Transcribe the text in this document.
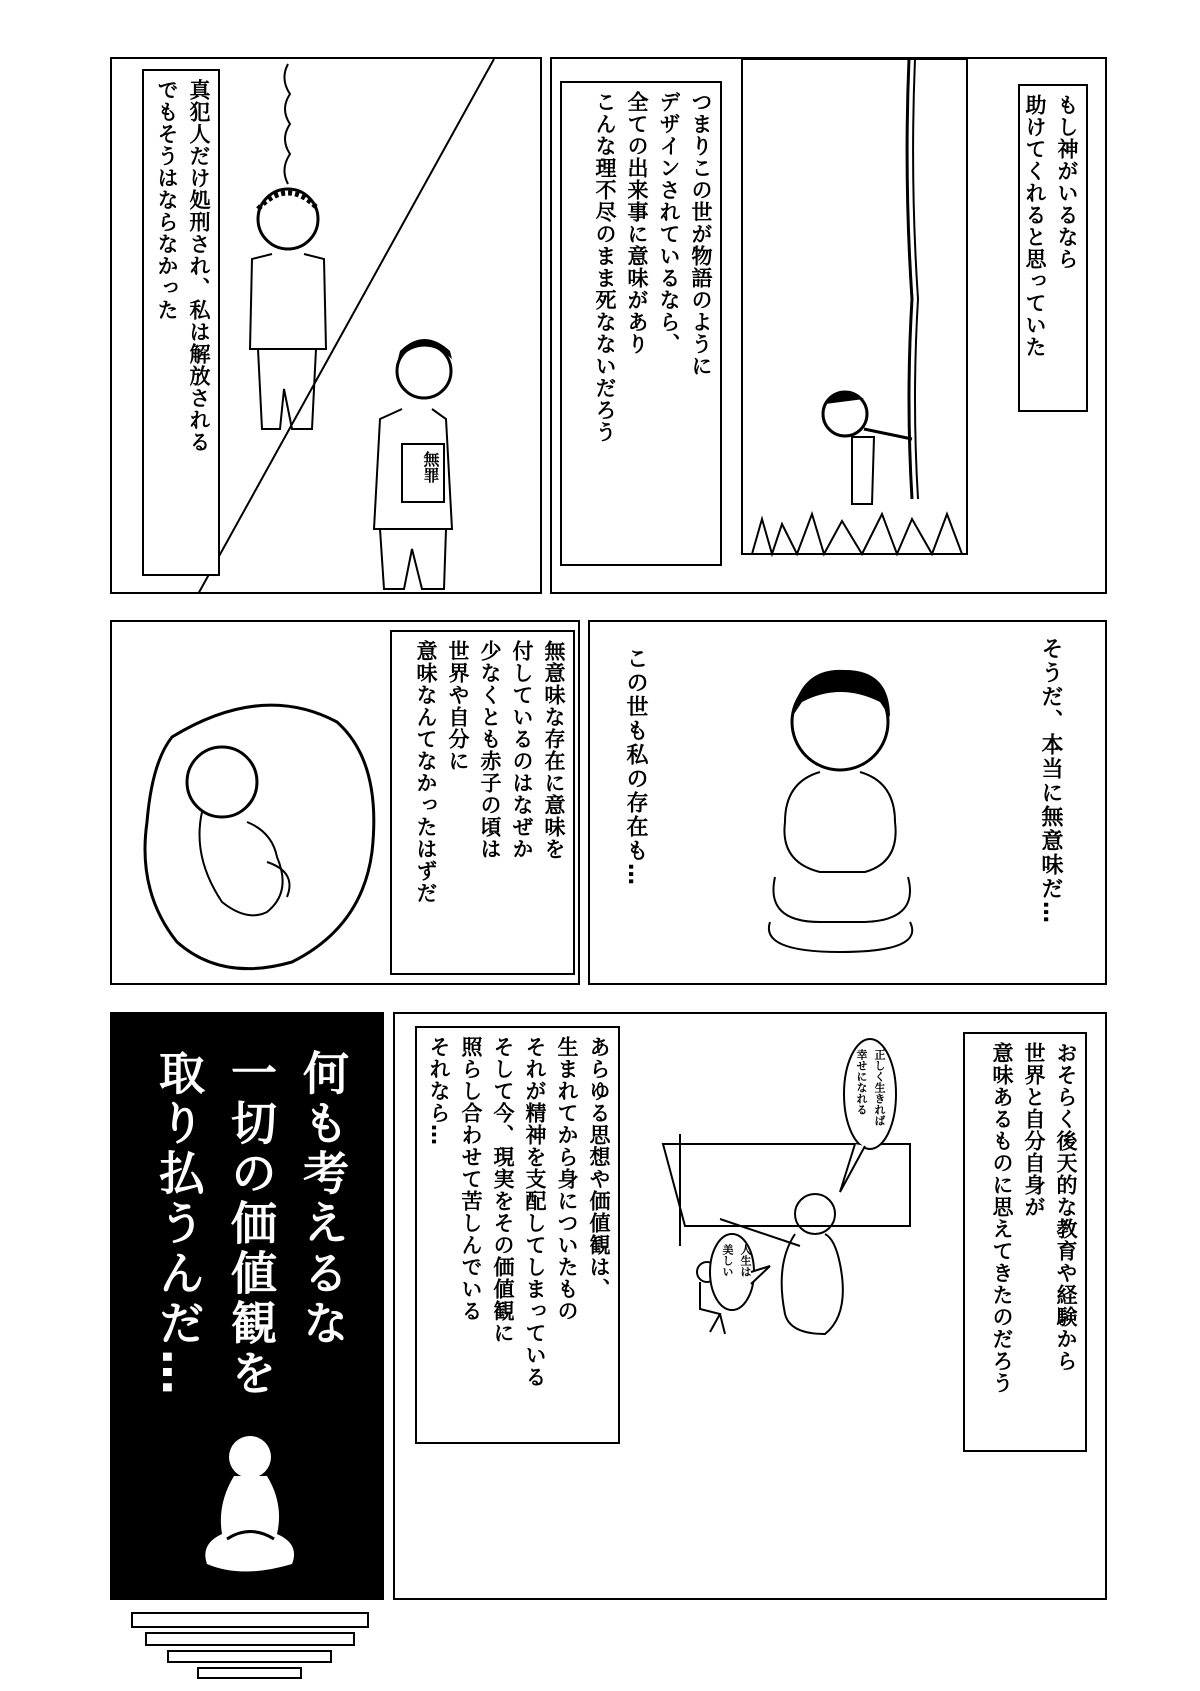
もし神がいるなら
助けてくれると思っていた
つまりこの世が物語のように
デザインされているなら、
全ての出来事に意味があり
こんな理不尽のまま死なないだろう
無罪
真犯人だけ処刑され、私は解放される
でもそうはならなかった
そうだ、本当に無意味だ…
この世も私の存在も…
無意味な存在に意味を
付しているのはなぜか
少なくとも赤子の頃は
世界や自分に
意味なんてなかったはずだ
正しく生きれば
幸せになれる
人生は
美しい	おそらく後天的な教育や経験から
世界と自分自身が
意味あるものに思えてきたのだろう
あらゆる思想や価値観は、
生まれてから身についたもの
それが精神を支配してしまっている
そして今、現実をその価値観に
照らし合わせて苦しんでいる
それなら…
何も考えるな
一切の価値観を
取り払うんだ…
